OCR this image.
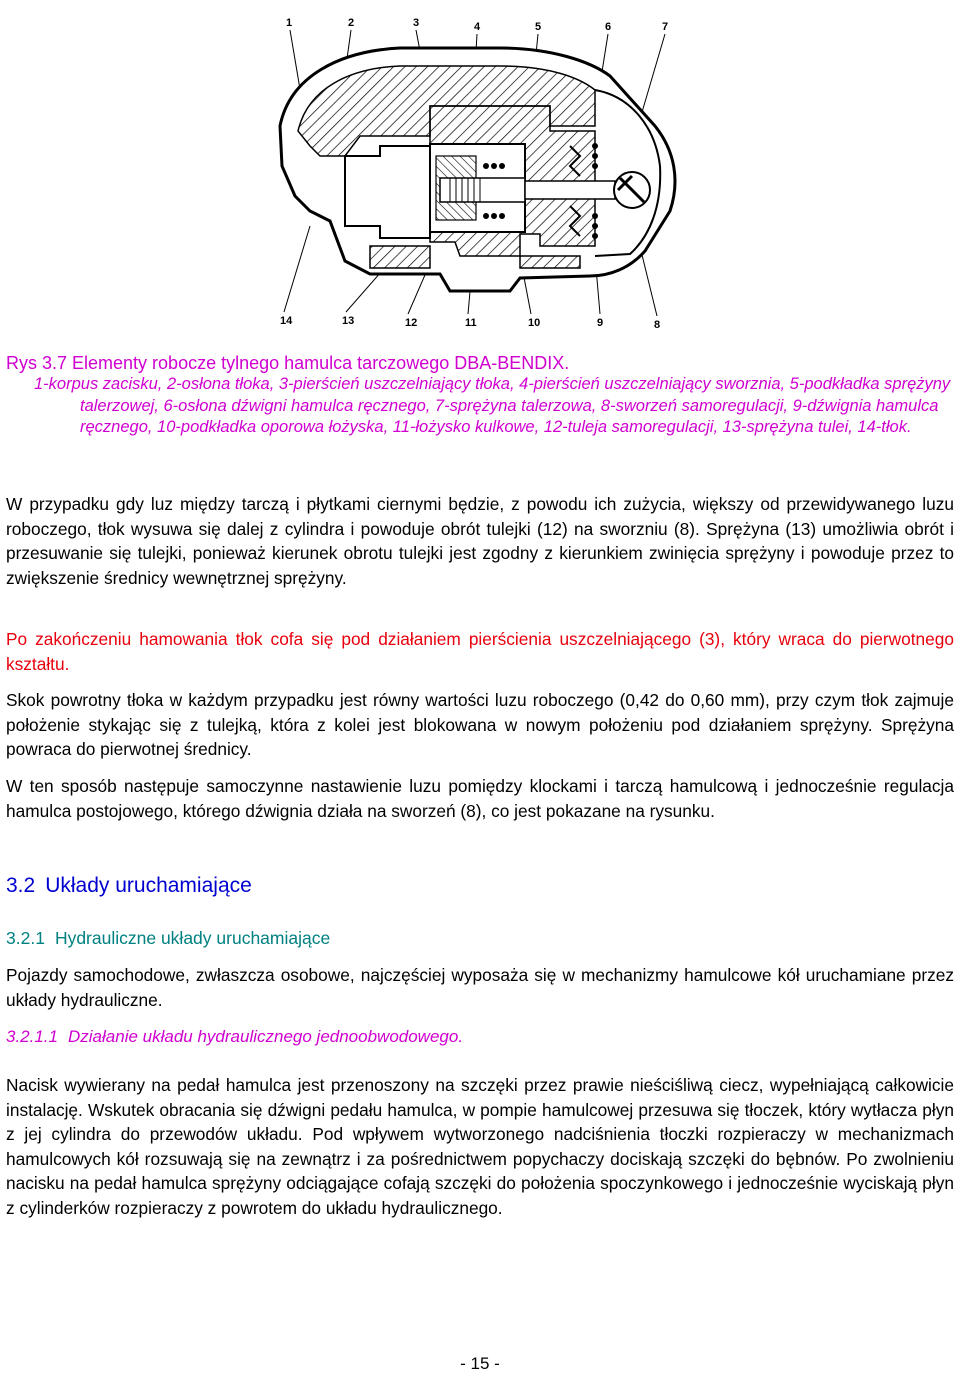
1	2	3	4	5	6	7
14	13	12	11	10	9	8

Rys 3.7 Elementy robocze tylnego hamulca tarczowego DBA-BENDIX.

1-korpus zacisku, 2-osłona tłoka, 3-pierścień uszczelniający tłoka, 4-pierścień uszczelniający sworznia, 5-podkładka sprężyny talerzowej, 6-osłona dźwigni hamulca ręcznego, 7-sprężyna talerzowa, 8-sworzeń samoregulacji, 9-dźwignia hamulca ręcznego, 10-podkładka oporowa łożyska, 11-łożysko kulkowe, 12-tuleja samoregulacji, 13-sprężyna tulei, 14-tłok.

W przypadku gdy luz między tarczą i płytkami ciernymi będzie, z powodu ich zużycia, większy od przewidywanego luzu roboczego, tłok wysuwa się dalej z cylindra i powoduje obrót tulejki (12) na sworzniu (8). Sprężyna (13) umożliwia obrót i przesuwanie się tulejki, ponieważ kierunek obrotu tulejki jest zgodny z kierunkiem zwinięcia sprężyny i powoduje przez to zwiększenie średnicy wewnętrznej sprężyny.

Po zakończeniu hamowania tłok cofa się pod działaniem pierścienia uszczelniającego (3), który wraca do pierwotnego kształtu.

Skok powrotny tłoka w każdym przypadku jest równy wartości luzu roboczego (0,42 do 0,60 mm), przy czym tłok zajmuje położenie stykając się z tulejką, która z kolei jest blokowana w nowym położeniu pod działaniem sprężyny. Sprężyna powraca do pierwotnej średnicy.

W ten sposób następuje samoczynne nastawienie luzu pomiędzy klockami i tarczą hamulcową i jednocześnie regulacja hamulca postojowego, którego dźwignia działa na sworzeń (8), co jest pokazane na rysunku.

3.2 Układy uruchamiające

3.2.1 Hydrauliczne układy uruchamiające

Pojazdy samochodowe, zwłaszcza osobowe, najczęściej wyposaża się w mechanizmy hamulcowe kół uruchamiane przez układy hydrauliczne.

3.2.1.1 Działanie układu hydraulicznego jednoobwodowego.

Nacisk wywierany na pedał hamulca jest przenoszony na szczęki przez prawie nieściśliwą ciecz, wypełniającą całkowicie instalację. Wskutek obracania się dźwigni pedału hamulca, w pompie hamulcowej przesuwa się tłoczek, który wytłacza płyn z jej cylindra do przewodów układu. Pod wpływem wytworzonego nadciśnienia tłoczki rozpieraczy w mechanizmach hamulcowych kół rozsuwają się na zewnątrz i za pośrednictwem popychaczy dociskają szczęki do bębnów. Po zwolnieniu nacisku na pedał hamulca sprężyny odciągające cofają szczęki do położenia spoczynkowego i jednocześnie wyciskają płyn z cylinderków rozpieraczy z powrotem do układu hydraulicznego.

- 15 -
